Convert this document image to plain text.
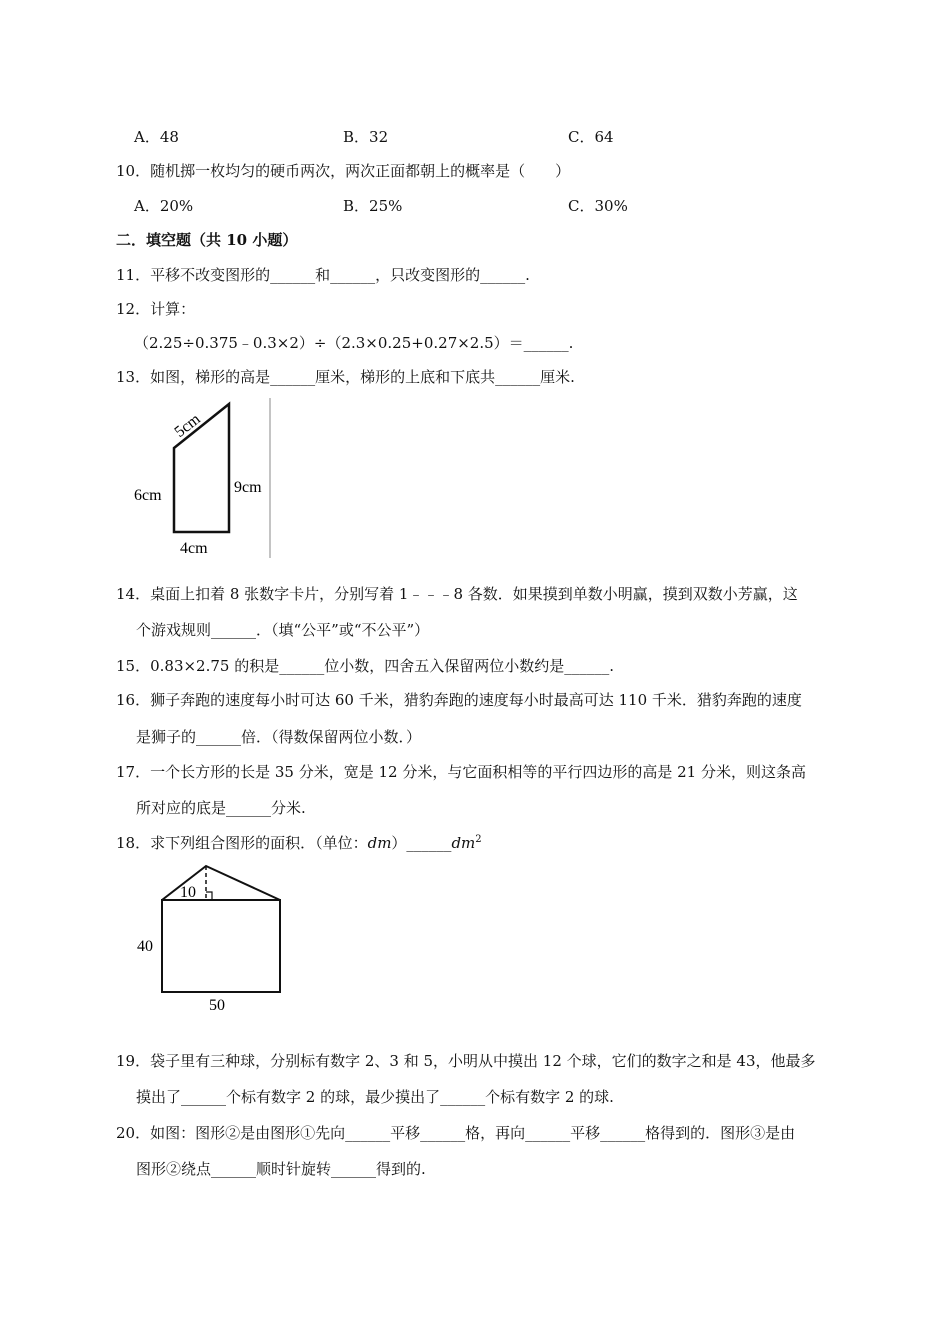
A．48	B．32	C．64
10．随机掷一枚均匀的硬币两次，两次正面都朝上的概率是（　　）
A．20%	B．25%	C．30%
二．填空题（共 10 小题）
11．平移不改变图形的______和______，只改变图形的______.
12．计算：
（2.25÷0.375﹣0.3×2）÷（2.3×0.25+0.27×2.5）＝______.
13．如图，梯形的高是______厘米，梯形的上底和下底共______厘米.
5cm
6cm	9cm
4cm
14．桌面上扣着 8 张数字卡片，分别写着 1﹣﹣﹣8 各数．如果摸到单数小明赢，摸到双数小芳赢，这
个游戏规则______．（填“公平”或“不公平”）
15．0.83×2.75 的积是______位小数，四舍五入保留两位小数约是______.
16．狮子奔跑的速度每小时可达 60 千米，猎豹奔跑的速度每小时最高可达 110 千米．猎豹奔跑的速度
是狮子的______倍．（得数保留两位小数．）
17．一个长方形的长是 35 分米，宽是 12 分米，与它面积相等的平行四边形的高是 21 分米，则这条高
所对应的底是______分米.
18．求下列组合图形的面积．（单位：$dm)\_\_\_\_\_\_dm^2$
10
40
50
19．袋子里有三种球，分别标有数字 2、3 和 5，小明从中摸出 12 个球，它们的数字之和是 43，他最多
摸出了______个标有数字 2 的球，最少摸出了______个标有数字 2 的球.
20．如图：图形②是由图形①先向______平移______格，再向______平移______格得到的．图形③是由
图形②绕点______顺时针旋转______得到的.
